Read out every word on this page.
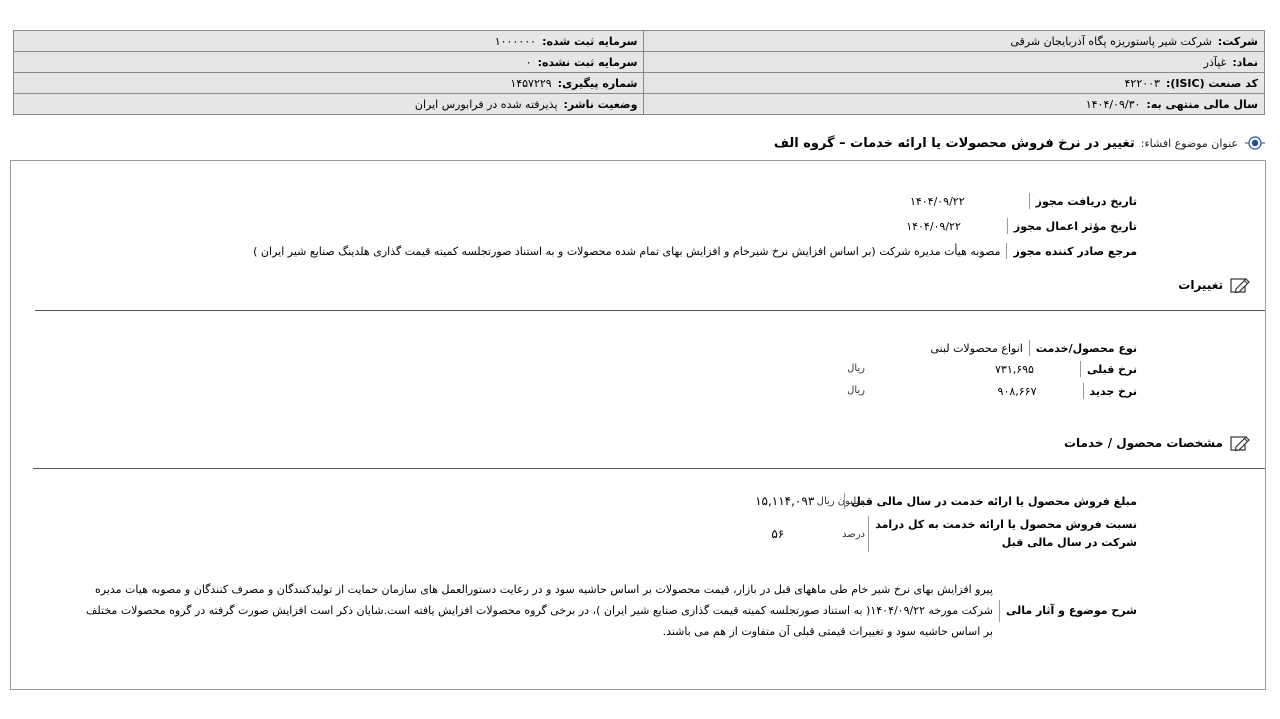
شرکت:شرکت شیر پاستوریزه پگاه آذربایجان شرقی	سرمایه ثبت شده:۱۰۰۰۰۰۰
نماد:غپآذر	سرمایه ثبت نشده:۰
کد صنعت (ISIC):۴۲۲۰۰۳	شماره پیگیری:۱۴۵۷۲۲۹
سال مالی منتهی به:۱۴۰۴/۰۹/۳۰	وضعیت ناشر:پذیرفته شده در فرابورس ایران
عنوان موضوع افشاء:
تغییر در نرخ فروش محصولات یا ارائه خدمات – گروه الف
تاریخ دریافت مجوز
۱۴۰۴/۰۹/۲۲
تاریخ مؤثر اعمال مجوز
۱۴۰۴/۰۹/۲۲
مرجع صادر کننده مجوز
مصوبه هیأت مدیره شرکت (بر اساس افزایش نرخ شیرخام و افزایش بهای تمام شده محصولات و به استناد صورتجلسه کمیته قیمت گذاری هلدینگ صنایع شیر ایران )
تغییرات
نوع محصول/خدمت
انواع محصولات لبنی
نرخ قبلی
۷۳۱,۶۹۵
ریال
نرخ جدید
۹۰۸,۶۶۷
ریال
مشخصات محصول / خدمات
مبلغ فروش محصول یا ارائه خدمت در سال مالی قبل
۱۵,۱۱۴,۰۹۳ میلیون ریال
نسبت فروش محصول یا ارائه خدمت به کل درامد
شرکت در سال مالی قبل
۵۶	درصد
شرح موضوع و آثار مالی
پیرو افزایش بهای نرخ شیر خام طی ماههای قبل در بازار، قیمت محصولات بر اساس حاشیه سود و در رعایت دستورالعمل های سازمان حمایت از تولیدکنندگان و مصرف کنندگان و مصوبه هیات مدیره
شرکت مورخه ۱۴۰۴/۰۹/۲۲( به استناد صورتجلسه کمیته قیمت گذاری صنایع شیر ایران )، در برخی گروه محصولات افزایش یافته است.شایان ذکر است افزایش صورت گرفته در گروه محصولات مختلف
بر اساس حاشیه سود و تغییرات قیمتی قبلی آن متفاوت از هم می باشند.
